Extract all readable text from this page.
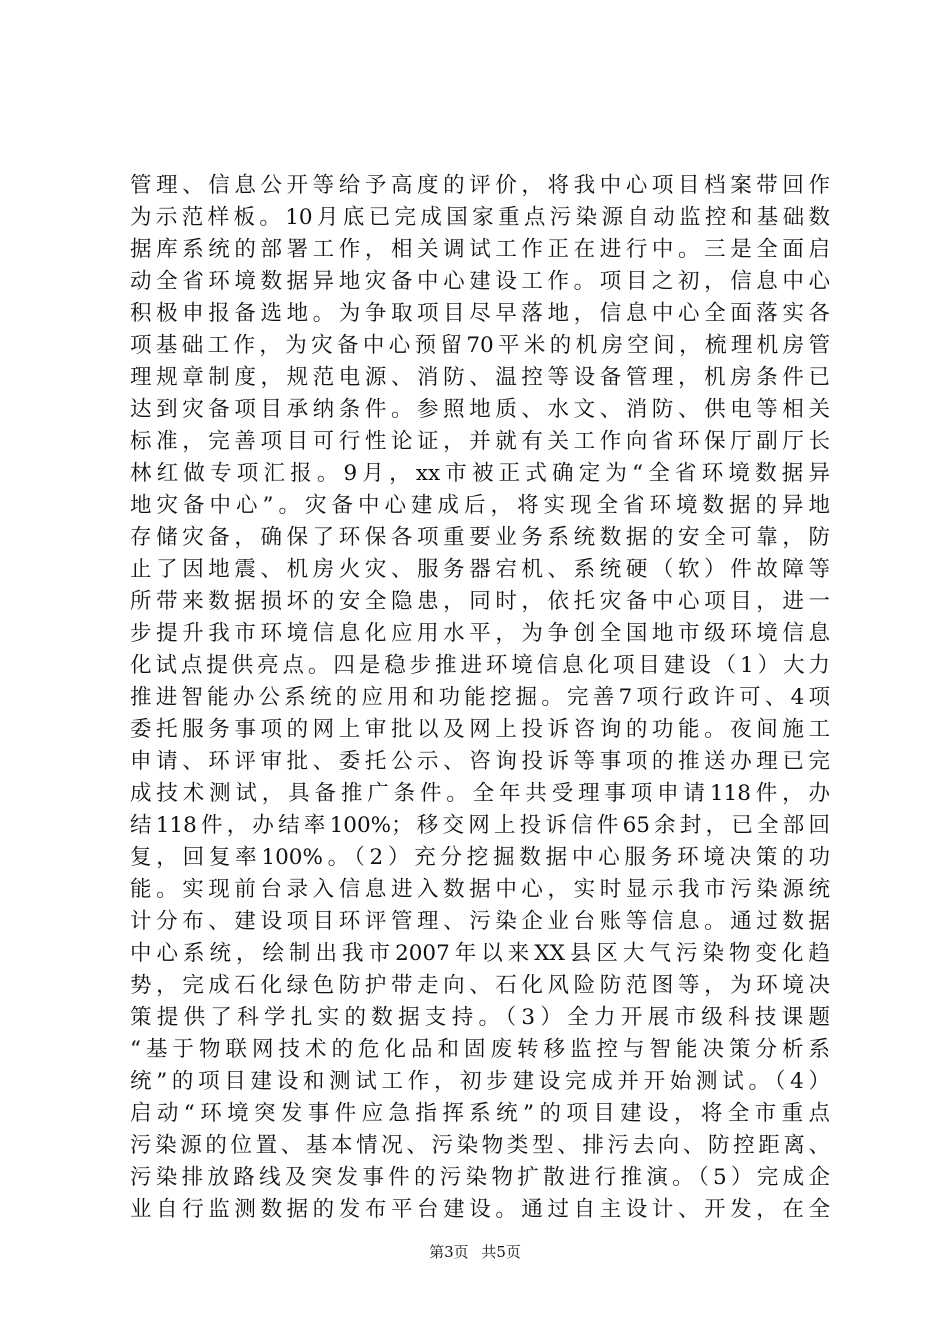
管理、信息公开等给予高度的评价，将我中心项目档案带回作
为示范样板。10月底已完成国家重点污染源自动监控和基础数
据库系统的部署工作，相关调试工作正在进行中。三是全面启
动全省环境数据异地灾备中心建设工作。项目之初，信息中心
积极申报备选地。为争取项目尽早落地，信息中心全面落实各
项基础工作，为灾备中心预留70平米的机房空间，梳理机房管
理规章制度，规范电源、消防、温控等设备管理，机房条件已
达到灾备项目承纳条件。参照地质、水文、消防、供电等相关
标准，完善项目可行性论证，并就有关工作向省环保厅副厅长
林红做专项汇报。9月，xx市被正式确定为“全省环境数据异
地灾备中心”。灾备中心建成后，将实现全省环境数据的异地
存储灾备，确保了环保各项重要业务系统数据的安全可靠，防
止了因地震、机房火灾、服务器宕机、系统硬（软）件故障等
所带来数据损坏的安全隐患，同时，依托灾备中心项目，进一
步提升我市环境信息化应用水平，为争创全国地市级环境信息
化试点提供亮点。四是稳步推进环境信息化项目建设（1）大力
推进智能办公系统的应用和功能挖掘。完善7项行政许可、4项
委托服务事项的网上审批以及网上投诉咨询的功能。夜间施工
申请、环评审批、委托公示、咨询投诉等事项的推送办理已完
成技术测试，具备推广条件。全年共受理事项申请118件，办
结118件，办结率100%；移交网上投诉信件65余封，已全部回
复，回复率100%。（2）充分挖掘数据中心服务环境决策的功
能。实现前台录入信息进入数据中心，实时显示我市污染源统
计分布、建设项目环评管理、污染企业台账等信息。通过数据
中心系统，绘制出我市2007年以来XX县区大气污染物变化趋
势，完成石化绿色防护带走向、石化风险防范图等，为环境决
策提供了科学扎实的数据支持。（3）全力开展市级科技课题
“基于物联网技术的危化品和固废转移监控与智能决策分析系
统”的项目建设和测试工作，初步建设完成并开始测试。（4）
启动“环境突发事件应急指挥系统”的项目建设，将全市重点
污染源的位置、基本情况、污染物类型、排污去向、防控距离、
污染排放路线及突发事件的污染物扩散进行推演。（5）完成企
业自行监测数据的发布平台建设。通过自主设计、开发，在全
第3页 共5页
